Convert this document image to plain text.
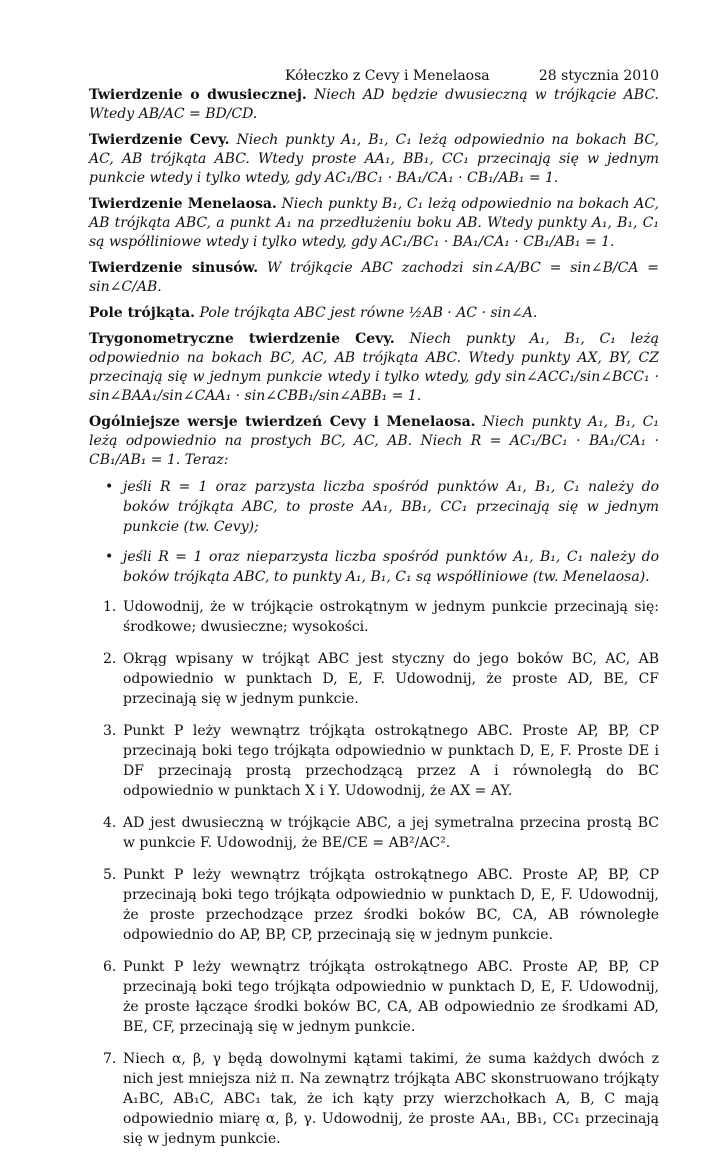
Kółeczko z Cevy i Menelaosa	28 stycznia 2010

Twierdzenie o dwusiecznej. Niech AD będzie dwusieczną w trójkącie ABC. Wtedy AB/AC = BD/CD.

Twierdzenie Cevy. Niech punkty A₁, B₁, C₁ leżą odpowiednio na bokach BC, AC, AB trójkąta ABC. Wtedy proste AA₁, BB₁, CC₁ przecinają się w jednym punkcie wtedy i tylko wtedy, gdy AC₁/BC₁ · BA₁/CA₁ · CB₁/AB₁ = 1.

Twierdzenie Menelaosa. Niech punkty B₁, C₁ leżą odpowiednio na bokach AC, AB trójkąta ABC, a punkt A₁ na przedłużeniu boku AB. Wtedy punkty A₁, B₁, C₁ są współliniowe wtedy i tylko wtedy, gdy AC₁/BC₁ · BA₁/CA₁ · CB₁/AB₁ = 1.

Twierdzenie sinusów. W trójkącie ABC zachodzi sin∠A/BC = sin∠B/CA = sin∠C/AB.

Pole trójkąta. Pole trójkąta ABC jest równe ½AB · AC · sin∠A.

Trygonometryczne twierdzenie Cevy. Niech punkty A₁, B₁, C₁ leżą odpowiednio na bokach BC, AC, AB trójkąta ABC. Wtedy punkty AX, BY, CZ przecinają się w jednym punkcie wtedy i tylko wtedy, gdy sin∠ACC₁/sin∠BCC₁ · sin∠BAA₁/sin∠CAA₁ · sin∠CBB₁/sin∠ABB₁ = 1.

Ogólniejsze wersje twierdzeń Cevy i Menelaosa. Niech punkty A₁, B₁, C₁ leżą odpowiednio na prostych BC, AC, AB. Niech R = AC₁/BC₁ · BA₁/CA₁ · CB₁/AB₁ = 1. Teraz:

• jeśli R = 1 oraz parzysta liczba spośród punktów A₁, B₁, C₁ należy do boków trójkąta ABC, to proste AA₁, BB₁, CC₁ przecinają się w jednym punkcie (tw. Cevy);
• jeśli R = 1 oraz nieparzysta liczba spośród punktów A₁, B₁, C₁ należy do boków trójkąta ABC, to punkty A₁, B₁, C₁ są współliniowe (tw. Menelaosa).
1. Udowodnij, że w trójkącie ostrokątnym w jednym punkcie przecinają się: środkowe; dwusieczne; wysokości.
2. Okrąg wpisany w trójkąt ABC jest styczny do jego boków BC, AC, AB odpowiednio w punktach D, E, F. Udowodnij, że proste AD, BE, CF przecinają się w jednym punkcie.
3. Punkt P leży wewnątrz trójkąta ostrokątnego ABC. Proste AP, BP, CP przecinają boki tego trójkąta odpowiednio w punktach D, E, F. Proste DE i DF przecinają prostą przechodzącą przez A i równoległą do BC odpowiednio w punktach X i Y. Udowodnij, że AX = AY.
4. AD jest dwusieczną w trójkącie ABC, a jej symetralna przecina prostą BC w punkcie F. Udowodnij, że BE/CE = AB²/AC².
5. Punkt P leży wewnątrz trójkąta ostrokątnego ABC. Proste AP, BP, CP przecinają boki tego trójkąta odpowiednio w punktach D, E, F. Udowodnij, że proste przechodzące przez środki boków BC, CA, AB równoległe odpowiednio do AP, BP, CP, przecinają się w jednym punkcie.
6. Punkt P leży wewnątrz trójkąta ostrokątnego ABC. Proste AP, BP, CP przecinają boki tego trójkąta odpowiednio w punktach D, E, F. Udowodnij, że proste łączące środki boków BC, CA, AB odpowiednio ze środkami AD, BE, CF, przecinają się w jednym punkcie.
7. Niech α, β, γ będą dowolnymi kątami takimi, że suma każdych dwóch z nich jest mniejsza niż π. Na zewnątrz trójkąta ABC skonstruowano trójkąty A₁BC, AB₁C, ABC₁ tak, że ich kąty przy wierzchołkach A, B, C mają odpowiednio miarę α, β, γ. Udowodnij, że proste AA₁, BB₁, CC₁ przecinają się w jednym punkcie.
